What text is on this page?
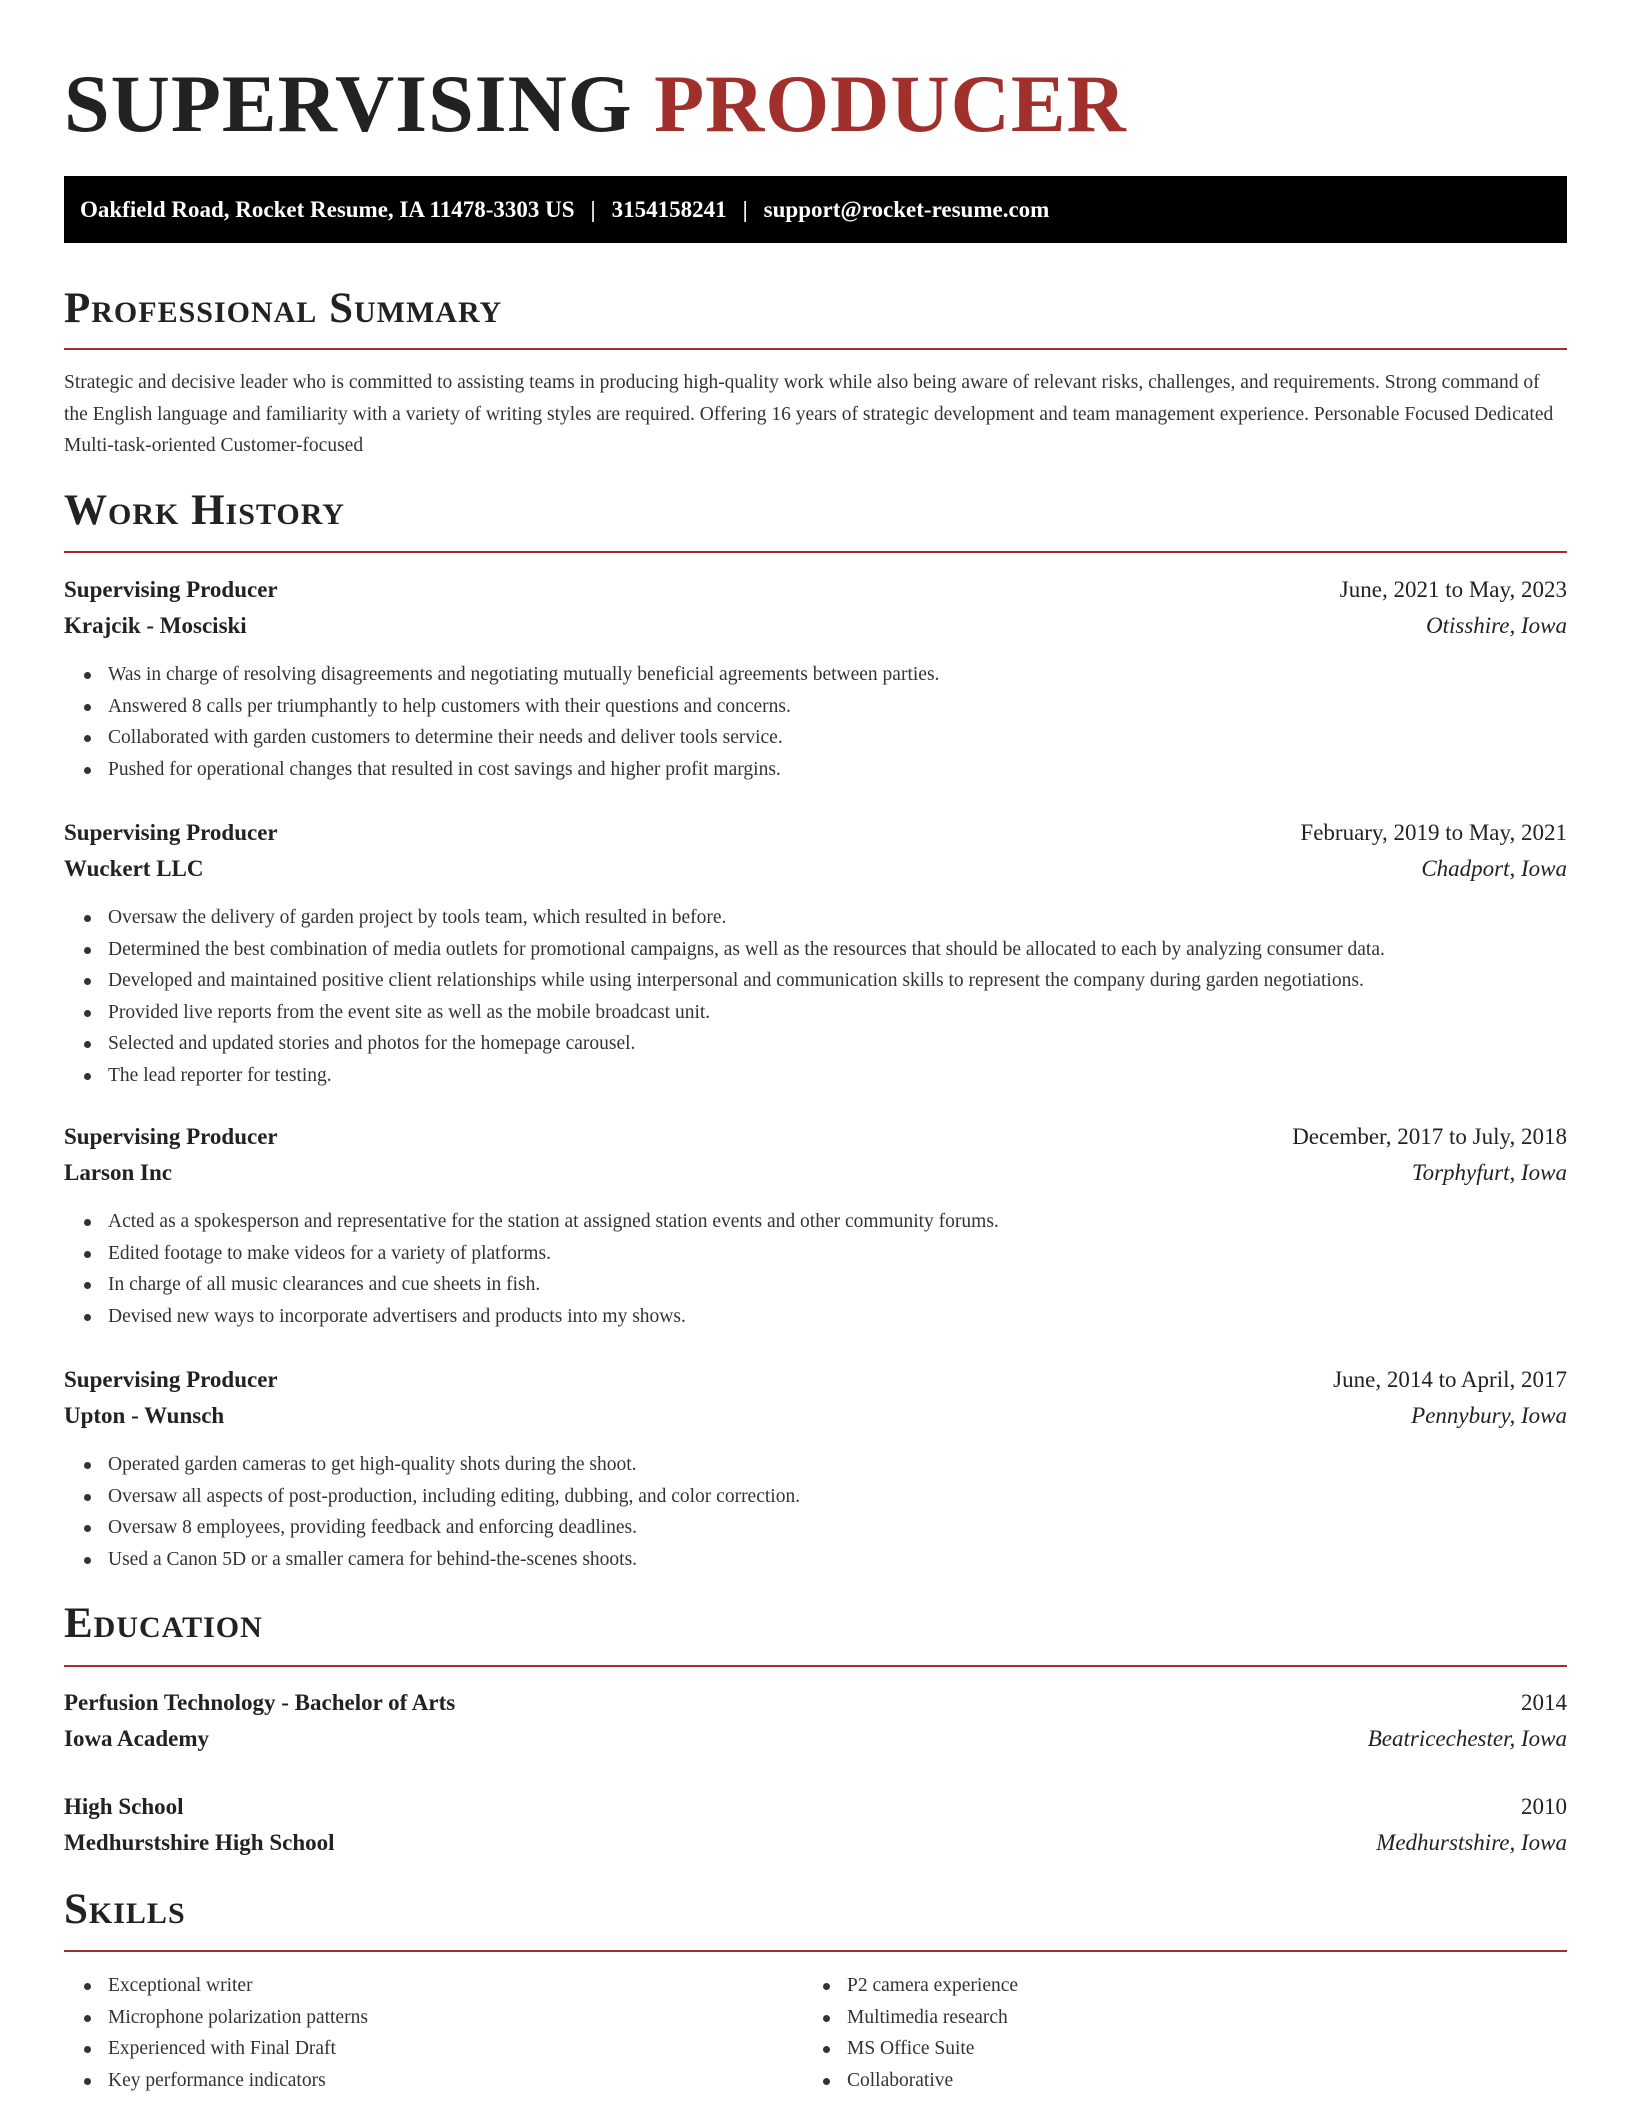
SUPERVISING PRODUCER
Oakfield Road, Rocket Resume, IA 11478-3303 US | 3154158241 | support@rocket-resume.com
Professional Summary

Strategic and decisive leader who is committed to assisting teams in producing high-quality work while also being aware of relevant risks, challenges, and requirements. Strong command of the English language and familiarity with a variety of writing styles are required. Offering 16 years of strategic development and team management experience. Personable Focused Dedicated Multi-task-oriented Customer-focused

Work History
Supervising Producer	June, 2021 to May, 2023
Krajcik - Mosciski	Otisshire, Iowa
Was in charge of resolving disagreements and negotiating mutually beneficial agreements between parties.
Answered 8 calls per triumphantly to help customers with their questions and concerns.
Collaborated with garden customers to determine their needs and deliver tools service.
Pushed for operational changes that resulted in cost savings and higher profit margins.
Supervising Producer	February, 2019 to May, 2021
Wuckert LLC	Chadport, Iowa
Oversaw the delivery of garden project by tools team, which resulted in before.
Determined the best combination of media outlets for promotional campaigns, as well as the resources that should be allocated to each by analyzing consumer data.
Developed and maintained positive client relationships while using interpersonal and communication skills to represent the company during garden negotiations.
Provided live reports from the event site as well as the mobile broadcast unit.
Selected and updated stories and photos for the homepage carousel.
The lead reporter for testing.
Supervising Producer	December, 2017 to July, 2018
Larson Inc	Torphyfurt, Iowa
Acted as a spokesperson and representative for the station at assigned station events and other community forums.
Edited footage to make videos for a variety of platforms.
In charge of all music clearances and cue sheets in fish.
Devised new ways to incorporate advertisers and products into my shows.
Supervising Producer	June, 2014 to April, 2017
Upton - Wunsch	Pennybury, Iowa
Operated garden cameras to get high-quality shots during the shoot.
Oversaw all aspects of post-production, including editing, dubbing, and color correction.
Oversaw 8 employees, providing feedback and enforcing deadlines.
Used a Canon 5D or a smaller camera for behind-the-scenes shoots.
Education
Perfusion Technology - Bachelor of Arts	2014
Iowa Academy	Beatricechester, Iowa
High School	2010
Medhurstshire High School	Medhurstshire, Iowa
Skills
Exceptional writer
Microphone polarization patterns
Experienced with Final Draft
Key performance indicators
P2 camera experience
Multimedia research
MS Office Suite
Collaborative
